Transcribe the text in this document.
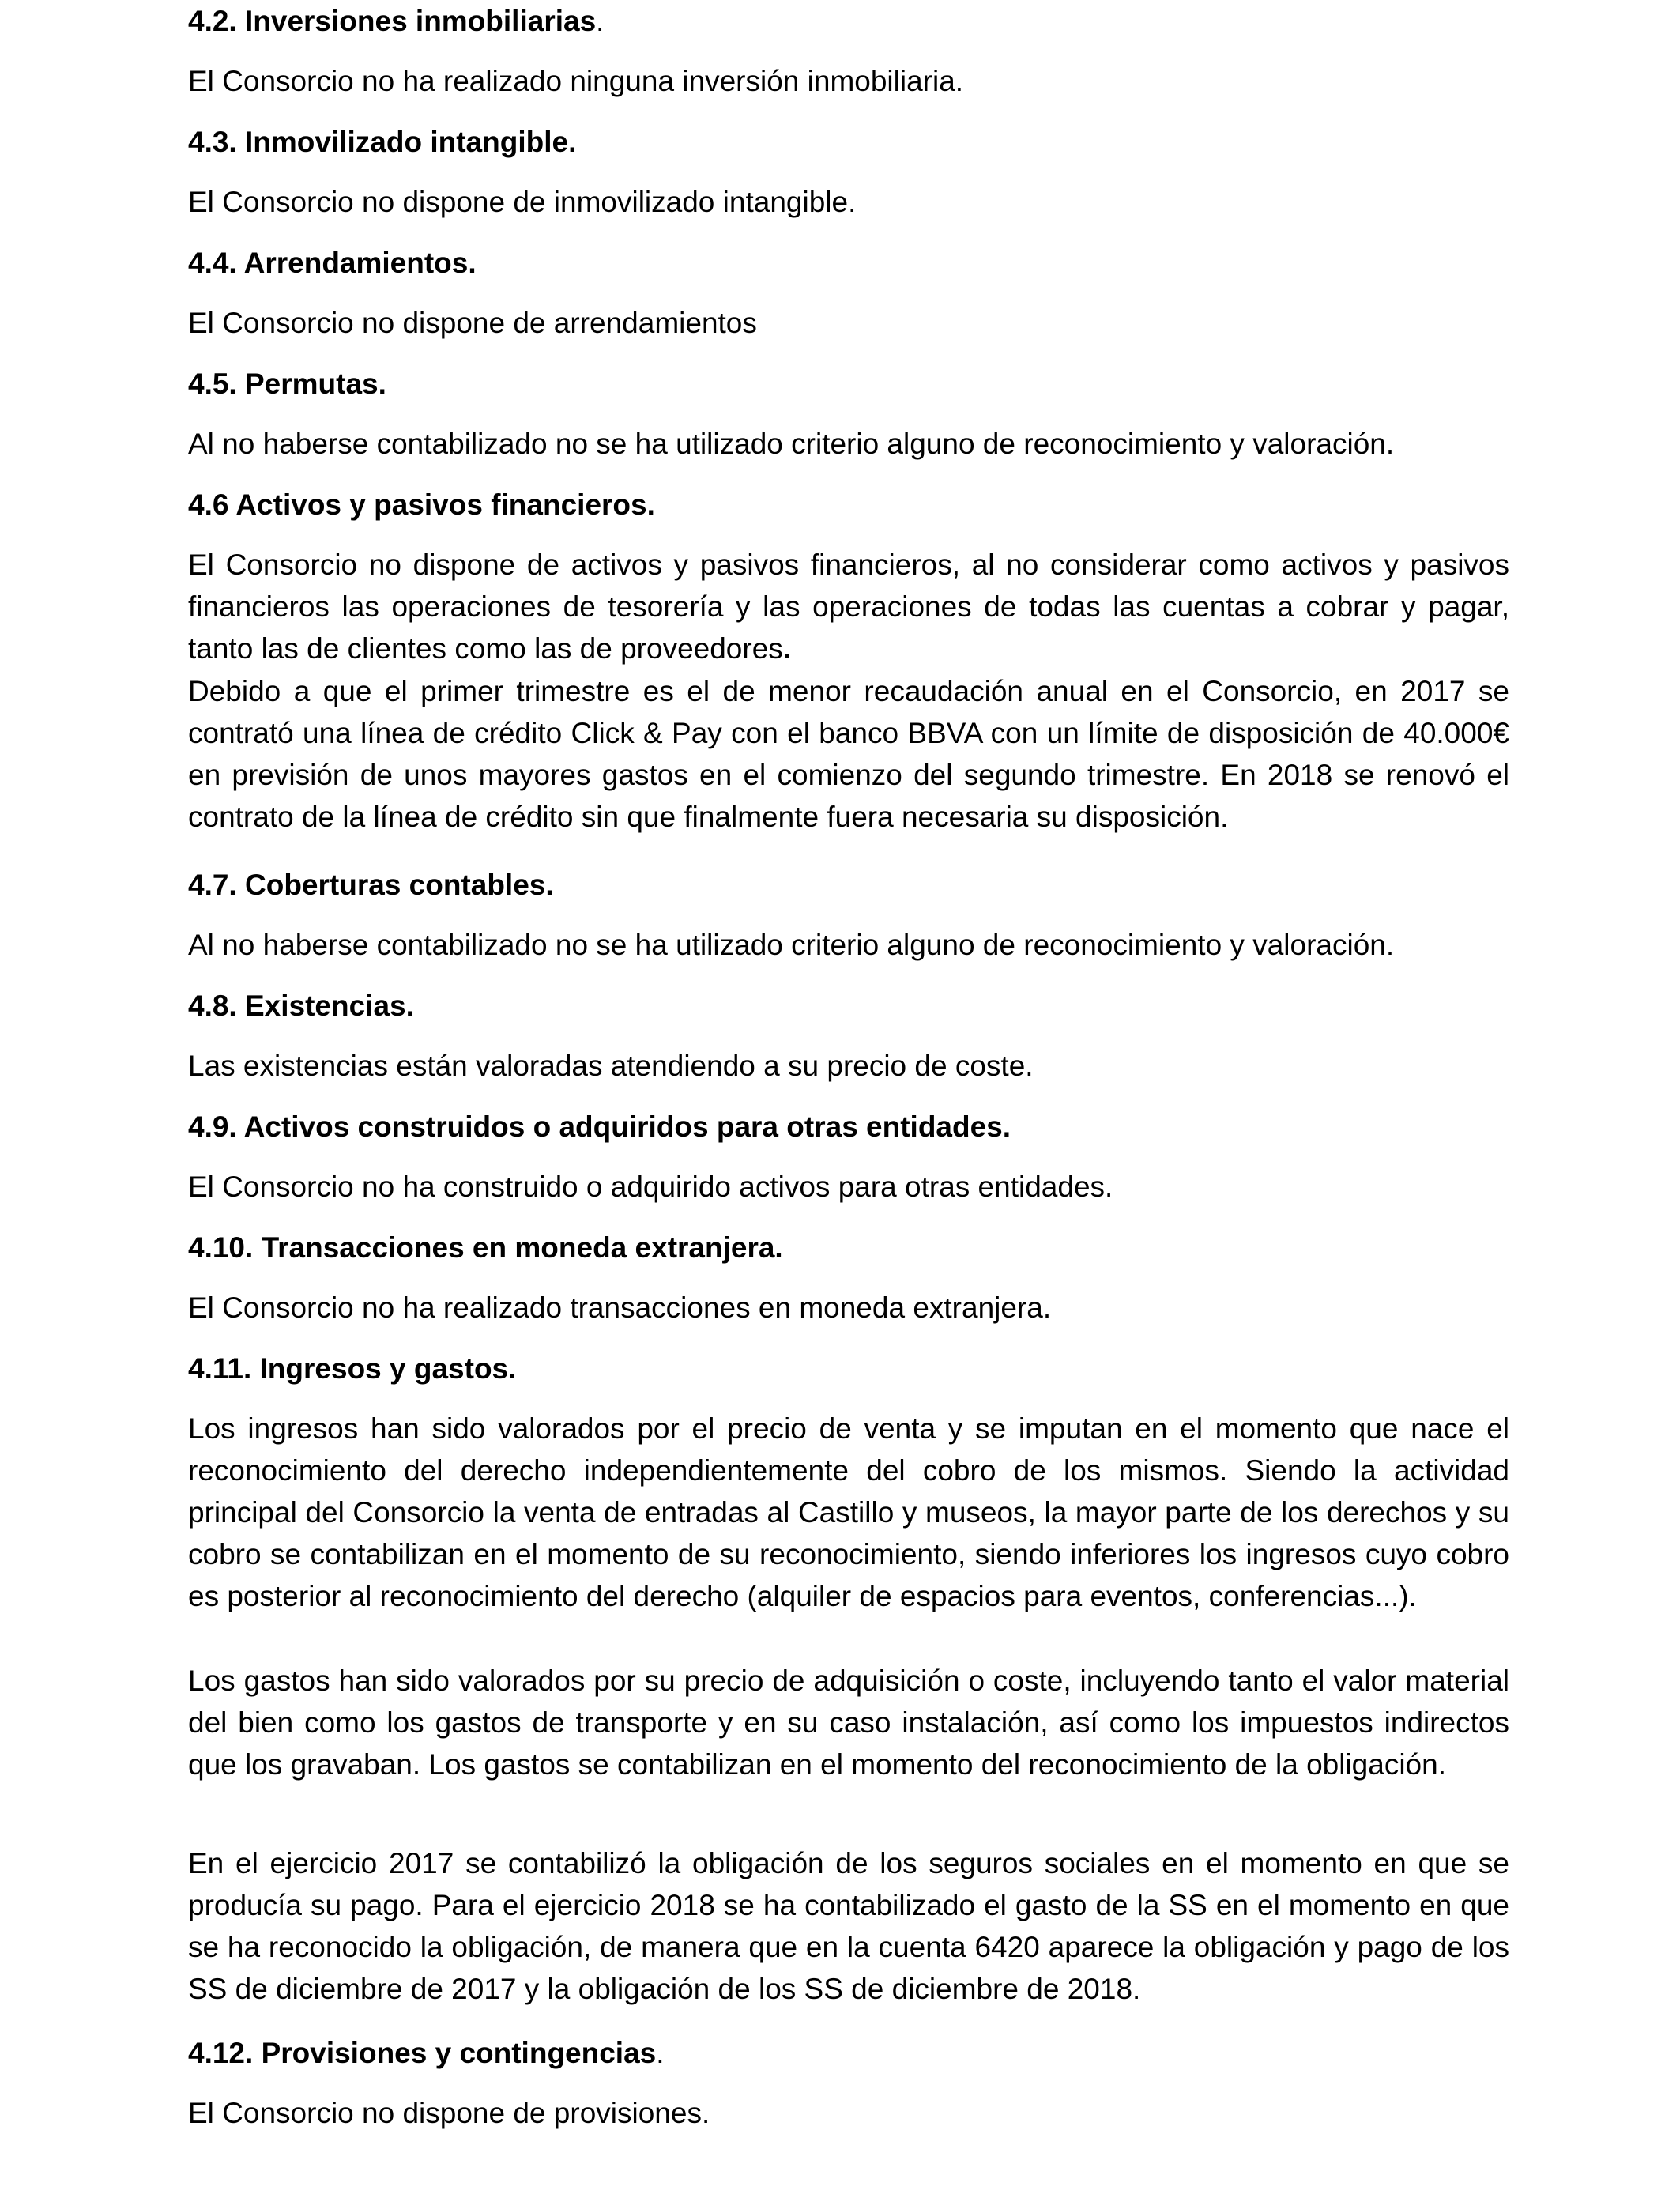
4.2. Inversiones inmobiliarias.
El Consorcio no ha realizado ninguna inversión inmobiliaria.
4.3. Inmovilizado intangible.
El Consorcio no dispone de inmovilizado intangible.
4.4. Arrendamientos.
El Consorcio no dispone de arrendamientos
4.5. Permutas.
Al no haberse contabilizado no se ha utilizado criterio alguno de reconocimiento y valoración.
4.6 Activos y pasivos financieros.
El Consorcio no dispone de activos y pasivos financieros, al no considerar como activos y pasivos financieros las operaciones de tesorería y las operaciones de todas las cuentas a cobrar y pagar, tanto las de clientes como las de proveedores.
Debido a que el primer trimestre es el de menor recaudación anual en el Consorcio, en 2017 se contrató una línea de crédito Click & Pay con el banco BBVA con un límite de disposición de 40.000€ en previsión de unos mayores gastos en el comienzo del segundo trimestre. En 2018 se renovó el contrato de la línea de crédito sin que finalmente fuera necesaria su disposición.
4.7. Coberturas contables.
Al no haberse contabilizado no se ha utilizado criterio alguno de reconocimiento y valoración.
4.8. Existencias.
Las existencias están valoradas atendiendo a su precio de coste.
4.9. Activos construidos o adquiridos para otras entidades.
El Consorcio no ha construido o adquirido activos para otras entidades.
4.10. Transacciones en moneda extranjera.
El Consorcio no ha realizado transacciones en moneda extranjera.
4.11. Ingresos y gastos.
Los ingresos han sido valorados por el precio de venta y se imputan en el momento que nace el reconocimiento del derecho independientemente del cobro de los mismos. Siendo la actividad principal del Consorcio la venta de entradas al Castillo y museos, la mayor parte de los derechos y su cobro se contabilizan en el momento de su reconocimiento, siendo inferiores los ingresos cuyo cobro es posterior al reconocimiento del derecho (alquiler de espacios para eventos, conferencias...).
Los gastos han sido valorados por su precio de adquisición o coste, incluyendo tanto el valor material del bien como los gastos de transporte y en su caso instalación, así como los impuestos indirectos que los gravaban. Los gastos se contabilizan en el momento del reconocimiento de la obligación.
En el ejercicio 2017 se contabilizó la obligación de los seguros sociales en el momento en que se producía su pago. Para el ejercicio 2018 se ha contabilizado el gasto de la SS en el momento en que se ha reconocido la obligación, de manera que en la cuenta 6420 aparece la obligación y pago de los SS de diciembre de 2017 y la obligación de los SS de diciembre de 2018.
4.12. Provisiones y contingencias.
El Consorcio no dispone de provisiones.
